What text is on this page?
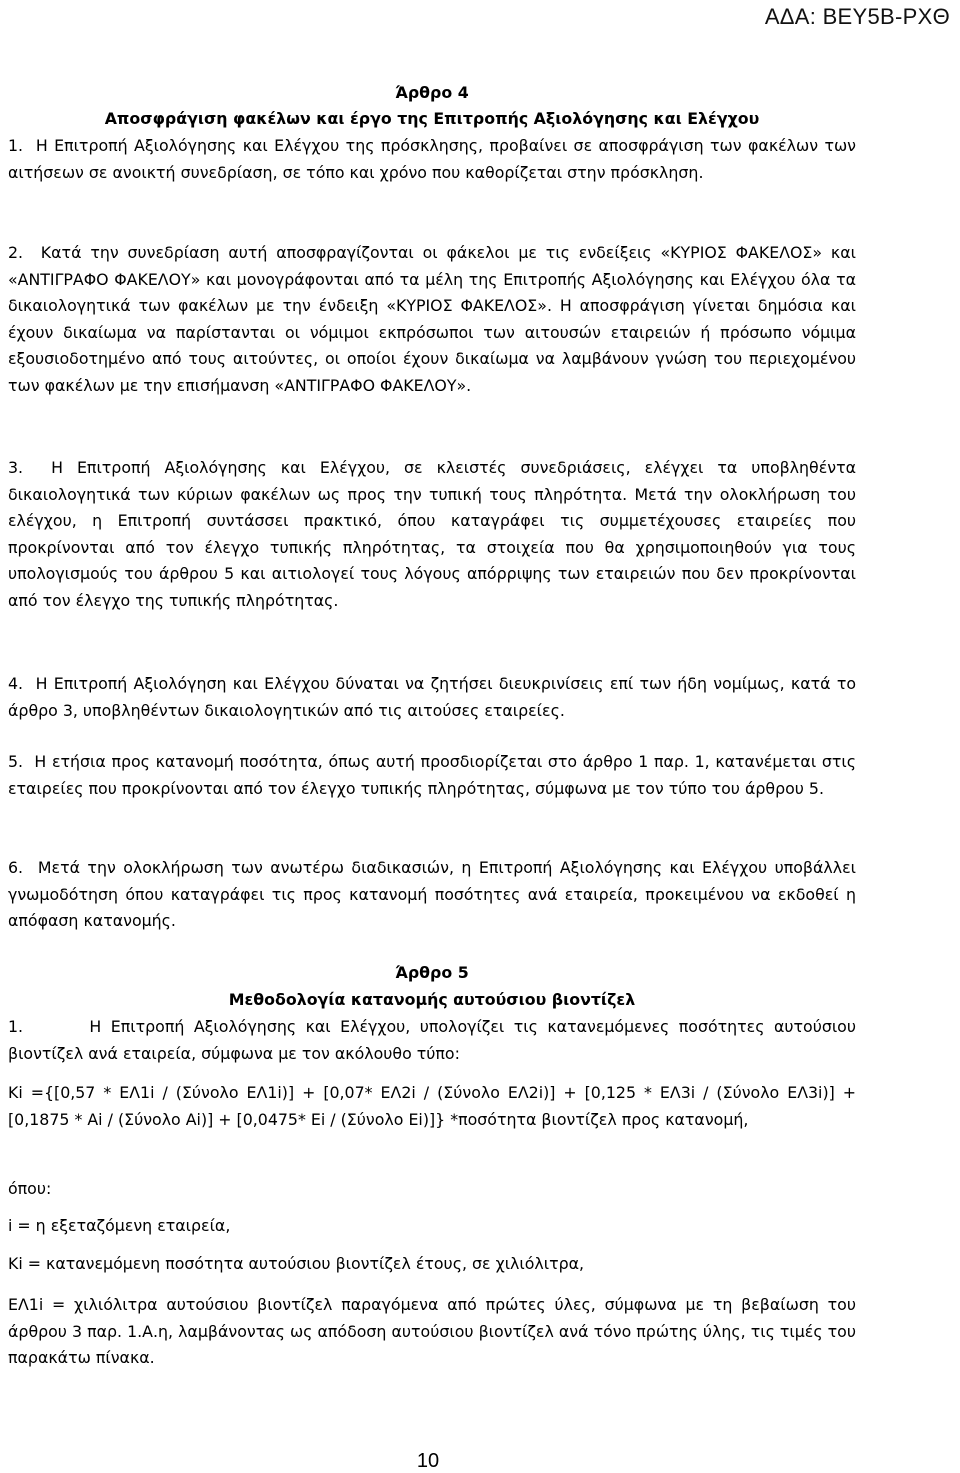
ΑΔΑ: ΒΕΥ5Β-ΡΧΘ
Άρθρο 4
Αποσφράγιση φακέλων και έργο της Επιτροπής Αξιολόγησης και Ελέγχου
1. Η Επιτροπή Αξιολόγησης και Ελέγχου της πρόσκλησης, προβαίνει σε αποσφράγιση των φακέλων των αιτήσεων σε ανοικτή συνεδρίαση, σε τόπο και χρόνο που καθορίζεται στην πρόσκληση.
2. Κατά την συνεδρίαση αυτή αποσφραγίζονται οι φάκελοι με τις ενδείξεις «ΚΥΡΙΟΣ ΦΑΚΕΛΟΣ» και «ΑΝΤΙΓΡΑΦΟ ΦΑΚΕΛΟΥ» και μονογράφονται από τα μέλη της Επιτροπής Αξιολόγησης και Ελέγχου όλα τα δικαιολογητικά των φακέλων με την ένδειξη «ΚΥΡΙΟΣ ΦΑΚΕΛΟΣ». Η αποσφράγιση γίνεται δημόσια και έχουν δικαίωμα να παρίστανται οι νόμιμοι εκπρόσωποι των αιτουσών εταιρειών ή πρόσωπο νόμιμα εξουσιοδοτημένο από τους αιτούντες, οι οποίοι έχουν δικαίωμα να λαμβάνουν γνώση του περιεχομένου των φακέλων με την επισήμανση «ΑΝΤΙΓΡΑΦΟ ΦΑΚΕΛΟΥ».
3. Η Επιτροπή Αξιολόγησης και Ελέγχου, σε κλειστές συνεδριάσεις, ελέγχει τα υποβληθέντα δικαιολογητικά των κύριων φακέλων ως προς την τυπική τους πληρότητα. Μετά την ολοκλήρωση του ελέγχου, η Επιτροπή συντάσσει πρακτικό, όπου καταγράφει τις συμμετέχουσες εταιρείες που προκρίνονται από τον έλεγχο τυπικής πληρότητας, τα στοιχεία που θα χρησιμοποιηθούν για τους υπολογισμούς του άρθρου 5 και αιτιολογεί τους λόγους απόρριψης των εταιρειών που δεν προκρίνονται από τον έλεγχο της τυπικής πληρότητας.
4. Η Επιτροπή Αξιολόγηση και Ελέγχου δύναται να ζητήσει διευκρινίσεις επί των ήδη νομίμως, κατά το άρθρο 3, υποβληθέντων δικαιολογητικών από τις αιτούσες εταιρείες.
5. Η ετήσια προς κατανομή ποσότητα, όπως αυτή προσδιορίζεται στο άρθρο 1 παρ. 1, κατανέμεται στις εταιρείες που προκρίνονται από τον έλεγχο τυπικής πληρότητας, σύμφωνα με τον τύπο του άρθρου 5.
6. Μετά την ολοκλήρωση των ανωτέρω διαδικασιών, η Επιτροπή Αξιολόγησης και Ελέγχου υποβάλλει γνωμοδότηση όπου καταγράφει τις προς κατανομή ποσότητες ανά εταιρεία, προκειμένου να εκδοθεί η απόφαση κατανομής.
Άρθρο 5
Μεθοδολογία κατανομής αυτούσιου βιοντίζελ
1.	Η Επιτροπή Αξιολόγησης και Ελέγχου, υπολογίζει τις κατανεμόμενες ποσότητες αυτούσιου βιοντίζελ ανά εταιρεία, σύμφωνα με τον ακόλουθο τύπο:
Κi ={[0,57 * ΕΛ1i / (Σύνολο ΕΛ1i)] + [0,07* ΕΛ2i / (Σύνολο ΕΛ2i)] + [0,125 * ΕΛ3i / (Σύνολο ΕΛ3i)] + [0,1875 * Ai / (Σύνολο Ai)] + [0,0475* Ei / (Σύνολο Ei)]} *ποσότητα βιοντίζελ προς κατανομή,
όπου:
i = η εξεταζόμενη εταιρεία,
Κi = κατανεμόμενη ποσότητα αυτούσιου βιοντίζελ έτους, σε χιλιόλιτρα,
ΕΛ1i = χιλιόλιτρα αυτούσιου βιοντίζελ παραγόμενα από πρώτες ύλες, σύμφωνα με τη βεβαίωση του άρθρου 3 παρ. 1.Α.η, λαμβάνοντας ως απόδοση αυτούσιου βιοντίζελ ανά τόνο πρώτης ύλης, τις τιμές του παρακάτω πίνακα.
10
